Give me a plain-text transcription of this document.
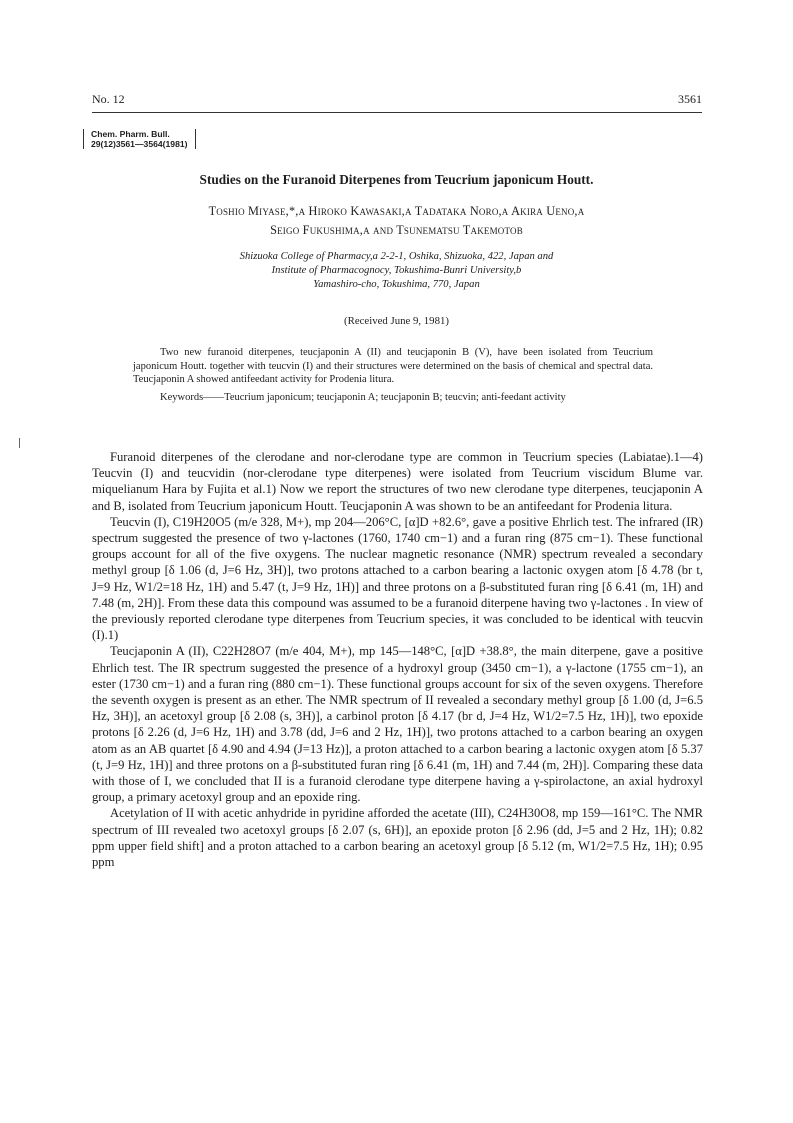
No. 12	3561
Chem. Pharm. Bull.
29(12)3561—3564(1981)
Studies on the Furanoid Diterpenes from Teucrium japonicum Houtt.
Toshio Miyase,*,a Hiroko Kawasaki,a Tadataka Noro,a Akira Ueno,a
Seigo Fukushima,a and Tsunematsu Takemotob
Shizuoka College of Pharmacy,a 2-2-1, Oshika, Shizuoka, 422, Japan and
Institute of Pharmacognocy, Tokushima-Bunri University,b
Yamashiro-cho, Tokushima, 770, Japan
(Received June 9, 1981)

Two new furanoid diterpenes, teucjaponin A (II) and teucjaponin B (V), have been isolated from Teucrium japonicum Houtt. together with teucvin (I) and their structures were determined on the basis of chemical and spectral data. Teucjaponin A showed antifeedant activity for Prodenia litura.

Keywords——Teucrium japonicum; teucjaponin A; teucjaponin B; teucvin; anti-feedant activity

Furanoid diterpenes of the clerodane and nor-clerodane type are common in Teucrium species (Labiatae).1—4) Teucvin (I) and teucvidin (nor-clerodane type diterpenes) were isolated from Teucrium viscidum Blume var. miquelianum Hara by Fujita et al.1) Now we report the structures of two new clerodane type diterpenes, teucjaponin A and B, isolated from Teucrium japonicum Houtt. Teucjaponin A was shown to be an antifeedant for Prodenia litura.

Teucvin (I), C19H20O5 (m/e 328, M+), mp 204—206°C, [α]D +82.6°, gave a positive Ehrlich test. The infrared (IR) spectrum suggested the presence of two γ-lactones (1760, 1740 cm−1) and a furan ring (875 cm−1). These functional groups account for all of the five oxygens. The nuclear magnetic resonance (NMR) spectrum revealed a secondary methyl group [δ 1.06 (d, J=6 Hz, 3H)], two protons attached to a carbon bearing a lactonic oxygen atom [δ 4.78 (br t, J=9 Hz, W1/2=18 Hz, 1H) and 5.47 (t, J=9 Hz, 1H)] and three protons on a β-substituted furan ring [δ 6.41 (m, 1H) and 7.48 (m, 2H)]. From these data this compound was assumed to be a furanoid diterpene having two γ-lactones . In view of the previously reported clerodane type diterpenes from Teucrium species, it was concluded to be identical with teucvin (I).1)

Teucjaponin A (II), C22H28O7 (m/e 404, M+), mp 145—148°C, [α]D +38.8°, the main diterpene, gave a positive Ehrlich test. The IR spectrum suggested the presence of a hydroxyl group (3450 cm−1), a γ-lactone (1755 cm−1), an ester (1730 cm−1) and a furan ring (880 cm−1). These functional groups account for six of the seven oxygens. Therefore the seventh oxygen is present as an ether. The NMR spectrum of II revealed a secondary methyl group [δ 1.00 (d, J=6.5 Hz, 3H)], an acetoxyl group [δ 2.08 (s, 3H)], a carbinol proton [δ 4.17 (br d, J=4 Hz, W1/2=7.5 Hz, 1H)], two epoxide protons [δ 2.26 (d, J=6 Hz, 1H) and 3.78 (dd, J=6 and 2 Hz, 1H)], two protons attached to a carbon bearing an oxygen atom as an AB quartet [δ 4.90 and 4.94 (J=13 Hz)], a proton attached to a carbon bearing a lactonic oxygen atom [δ 5.37 (t, J=9 Hz, 1H)] and three protons on a β-substituted furan ring [δ 6.41 (m, 1H) and 7.44 (m, 2H)]. Comparing these data with those of I, we concluded that II is a furanoid clerodane type diterpene having a γ-spirolactone, an axial hydroxyl group, a primary acetoxyl group and an epoxide ring.

Acetylation of II with acetic anhydride in pyridine afforded the acetate (III), C24H30O8, mp 159—161°C. The NMR spectrum of III revealed two acetoxyl groups [δ 2.07 (s, 6H)], an epoxide proton [δ 2.96 (dd, J=5 and 2 Hz, 1H); 0.82 ppm upper field shift] and a proton attached to a carbon bearing an acetoxyl group [δ 5.12 (m, W1/2=7.5 Hz, 1H); 0.95 ppm
